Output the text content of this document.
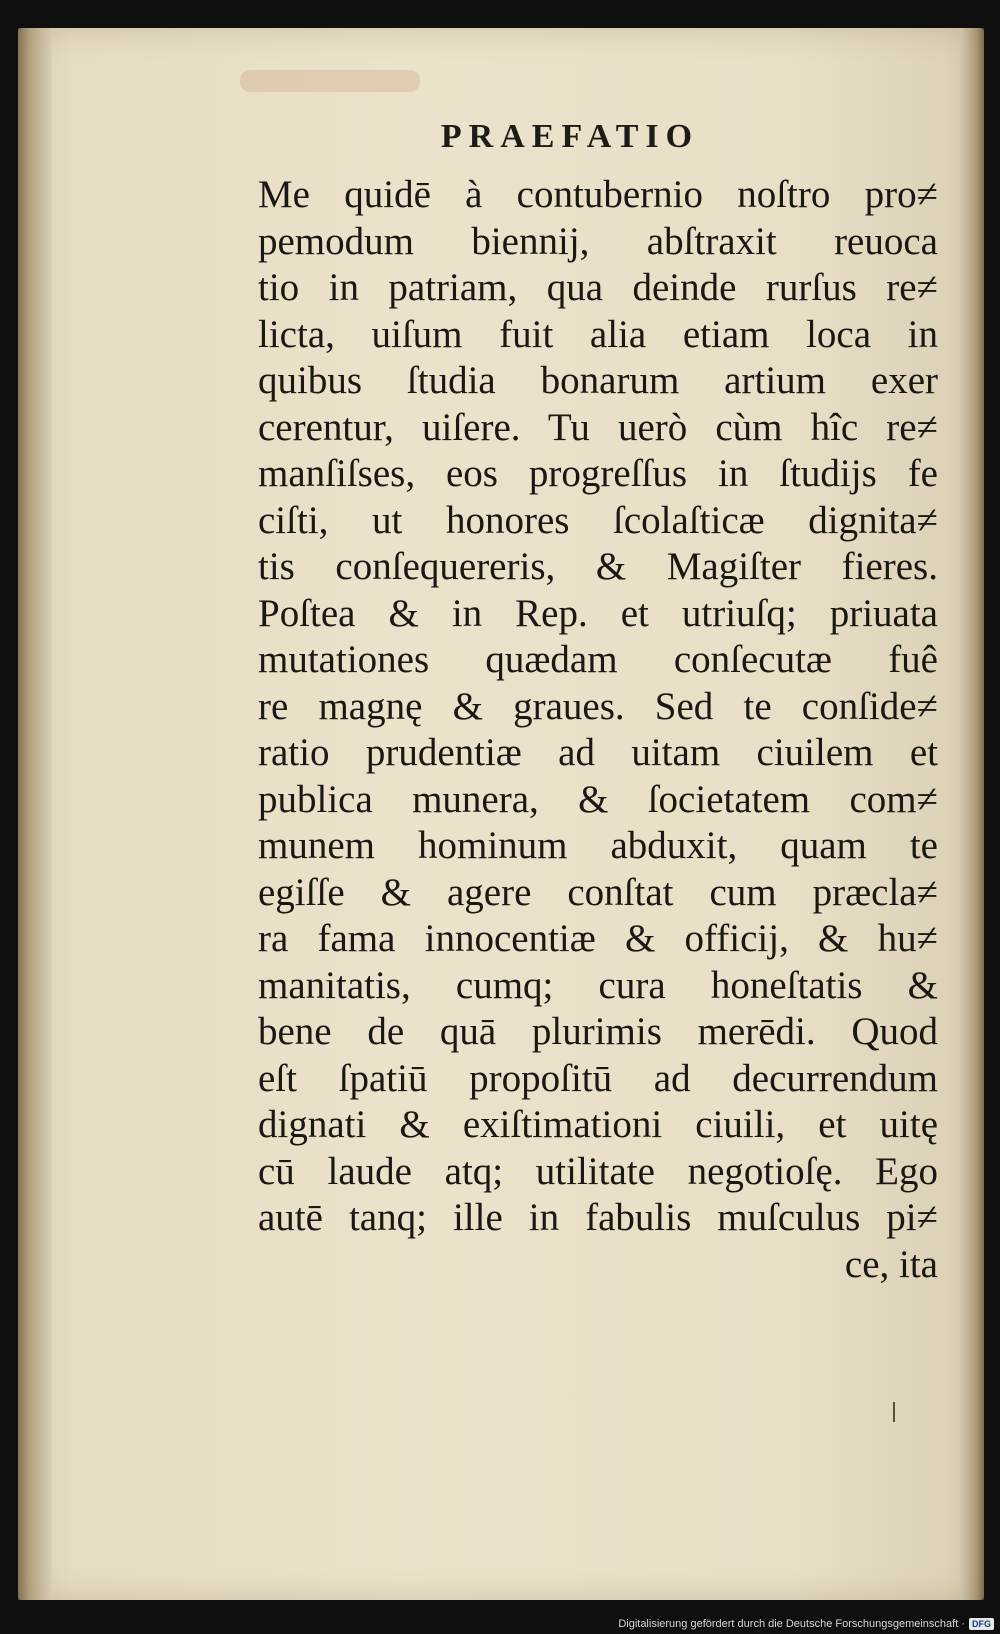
PRAEFATIO
Me quidē à contubernio noſtro pro≠
pemodum biennij, abſtraxit reuoca
tio in patriam, qua deinde rurſus re≠
licta, uiſum fuit alia etiam loca in
quibus ſtudia bonarum artium exer
cerentur, uiſere. Tu uerò cùm hîc re≠
manſiſses, eos progreſſus in ſtudijs fe
ciſti, ut honores ſcolaſticæ dignita≠
tis conſequereris, & Magiſter fieres.
Poſtea & in Rep. et utriuſq; priuata
mutationes quædam conſecutæ fuê
re magnę & graues. Sed te conſide≠
ratio prudentiæ ad uitam ciuilem et
publica munera, & ſocietatem com≠
munem hominum abduxit, quam te
egiſſe & agere conſtat cum præcla≠
ra fama innocentiæ & officij, & hu≠
manitatis, cumq; cura honeſtatis &
bene de quā plurimis merēdi. Quod
eſt ſpatiū propoſitū ad decurrendum
dignati & exiſtimationi ciuili, et uitę
cū laude atq; utilitate negotioſę. Ego
autē tanq; ille in fabulis muſculus pi≠
ce, ita
Digitalisierung gefördert durch die Deutsche Forschungsgemeinschaft · DFG
